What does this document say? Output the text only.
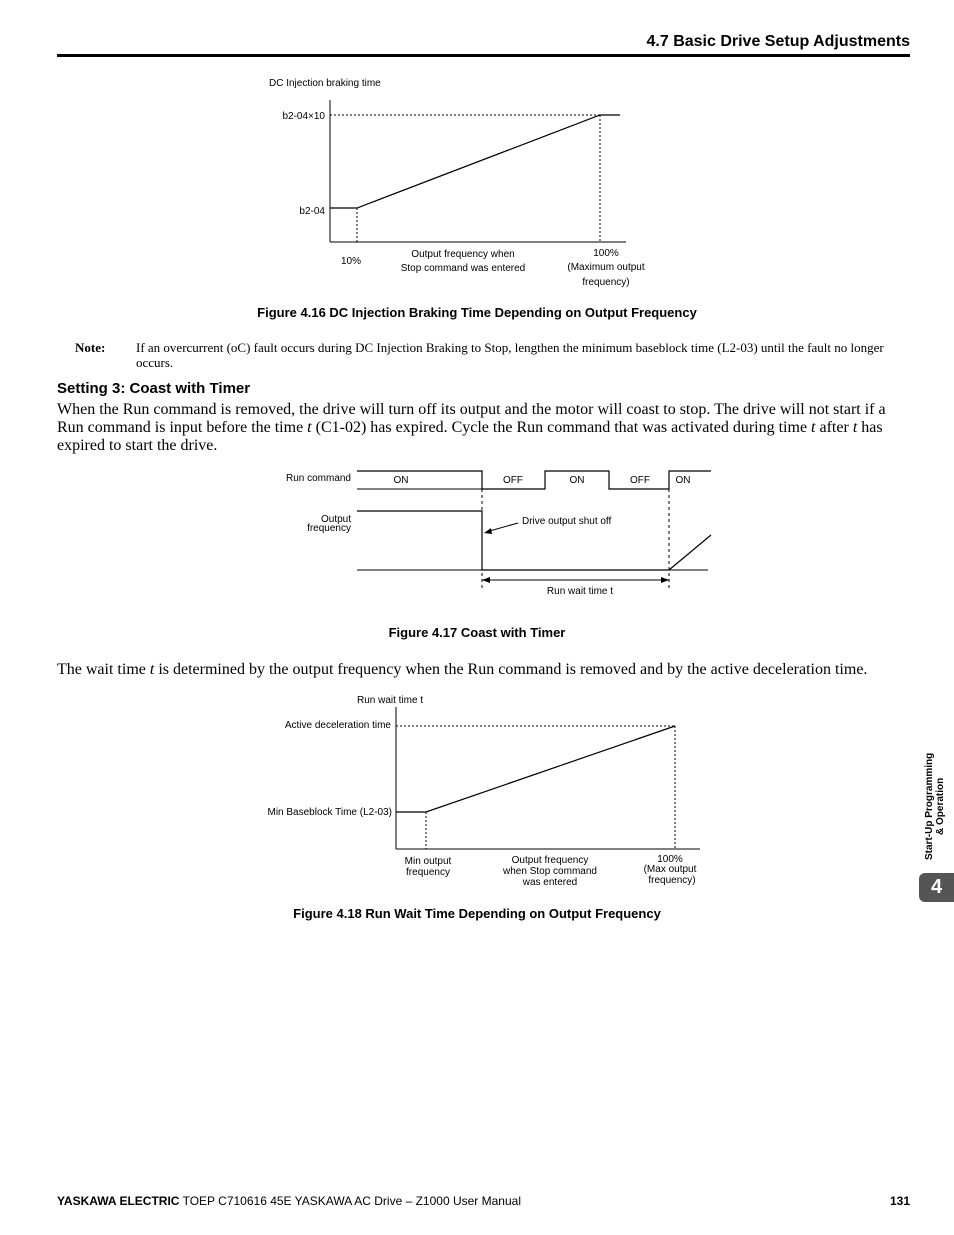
4.7 Basic Drive Setup Adjustments
DC Injection braking time
b2-04×10
b2-04
10%
Output frequency when
Stop command was entered
100%
(Maximum output
frequency)
Figure 4.16 DC Injection Braking Time Depending on Output Frequency
Note: If an overcurrent (oC) fault occurs during DC Injection Braking to Stop, lengthen the minimum baseblock time (L2-03) until the fault no longer occurs.
Setting 3: Coast with Timer
When the Run command is removed, the drive will turn off its output and the motor will coast to stop. The drive will not start if a Run command is input before the time t (C1-02) has expired. Cycle the Run command that was activated during time t after t has expired to start the drive.
Run command
Output
frequency
ON	OFF	ON	OFF	ON
Drive output shut off
Run wait time t
Figure 4.17 Coast with Timer
The wait time t is determined by the output frequency when the Run command is removed and by the active deceleration time.
Run wait time t
Active deceleration time
Min Baseblock Time (L2-03)
Min output
frequency
Output frequency
when Stop command
was entered
100%
(Max output
frequency)
Figure 4.18 Run Wait Time Depending on Output Frequency
Start-Up Programming & Operation
4
YASKAWA ELECTRIC TOEP C710616 45E YASKAWA AC Drive – Z1000 User Manual	131
